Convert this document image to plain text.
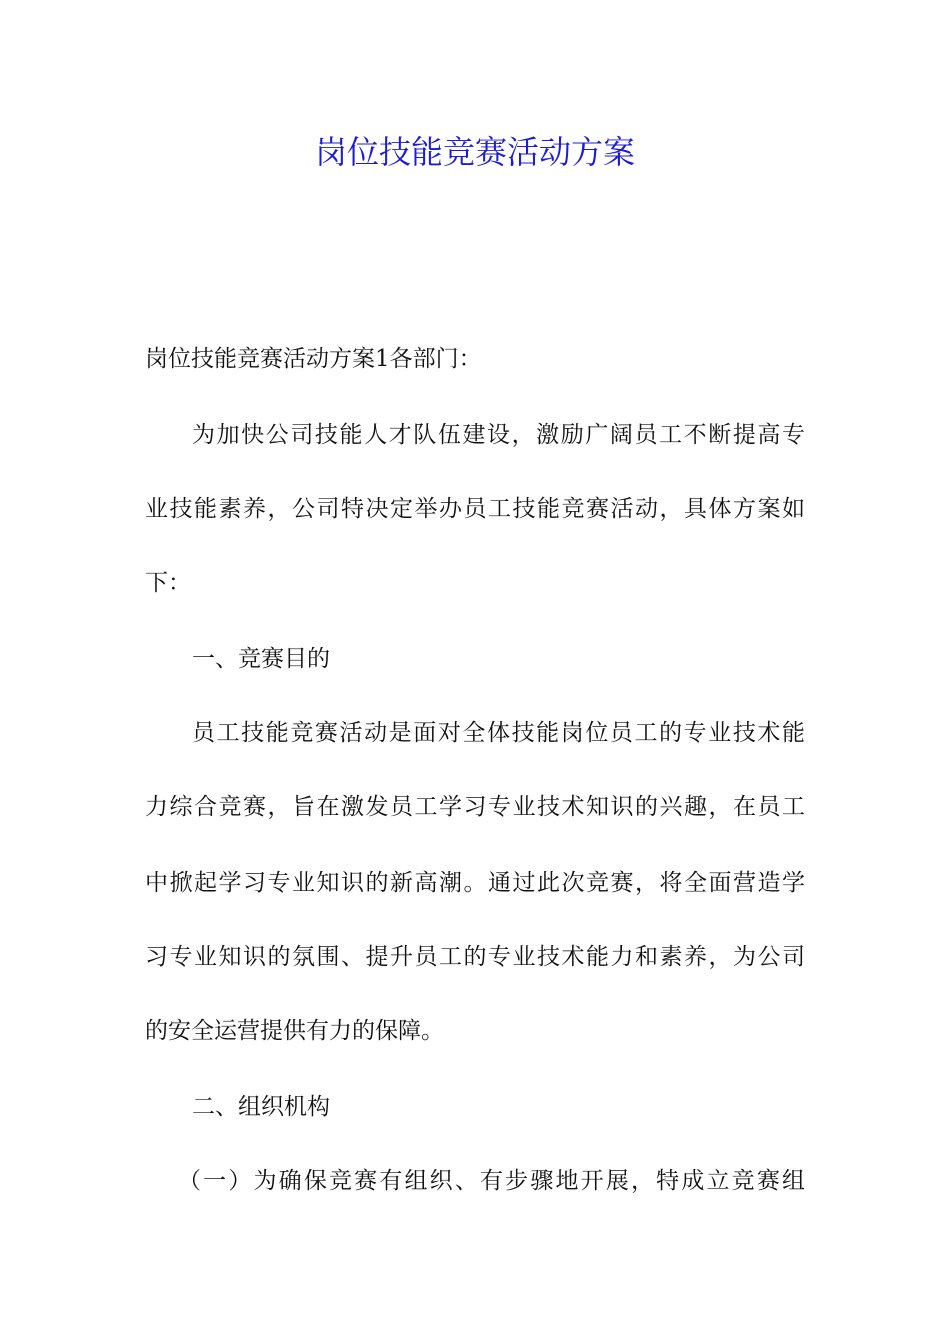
岗位技能竞赛活动方案

岗位技能竞赛活动方案1各部门：

为加快公司技能人才队伍建设，激励广阔员工不断提高专

业技能素养，公司特决定举办员工技能竞赛活动，具体方案如

下：

一、竞赛目的

员工技能竞赛活动是面对全体技能岗位员工的专业技术能

力综合竞赛，旨在激发员工学习专业技术知识的兴趣，在员工

中掀起学习专业知识的新高潮。通过此次竞赛，将全面营造学

习专业知识的氛围、提升员工的专业技术能力和素养，为公司

的安全运营提供有力的保障。

二、组织机构

（一）为确保竞赛有组织、有步骤地开展，特成立竞赛组
